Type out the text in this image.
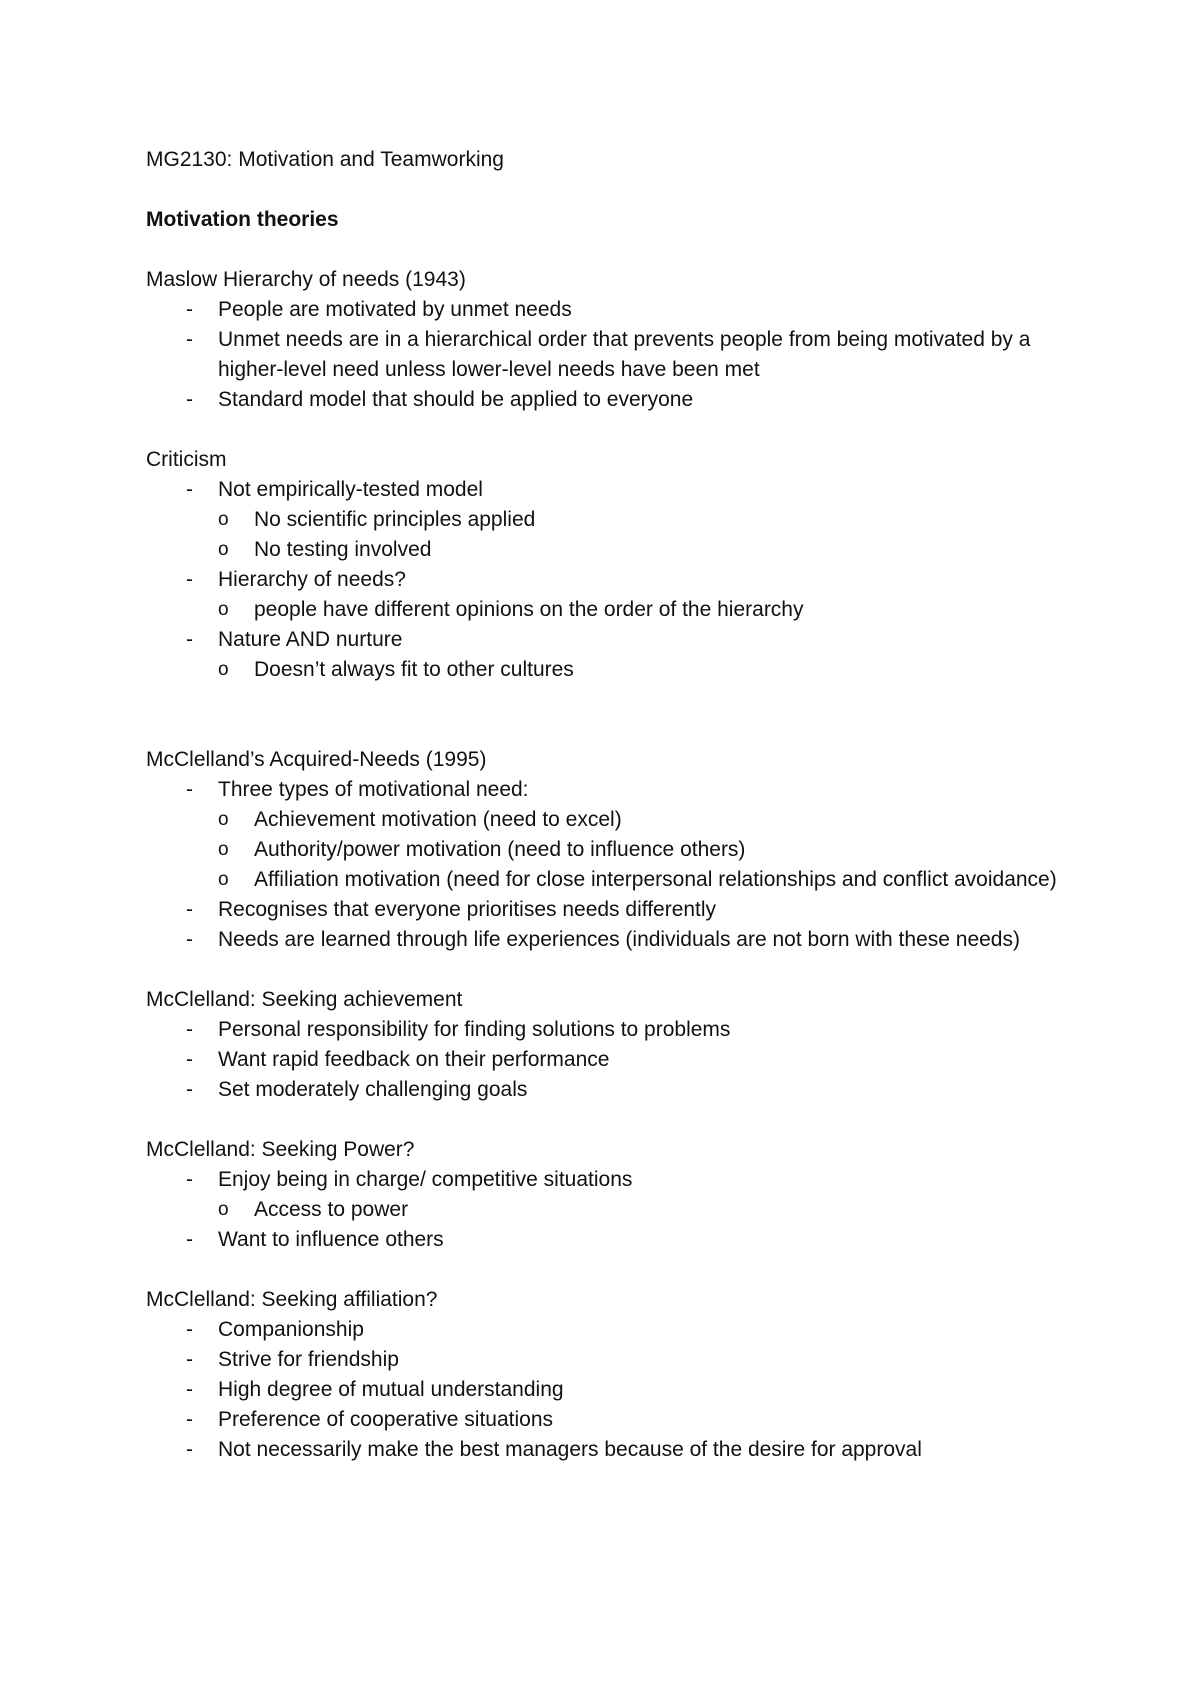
MG2130: Motivation and Teamworking

Motivation theories

Maslow Hierarchy of needs (1943)

- People are motivated by unmet needs
- Unmet needs are in a hierarchical order that prevents people from being motivated by a higher-level need unless lower-level needs have been met
- Standard model that should be applied to everyone

Criticism

- Not empirically-tested model
o No scientific principles applied
o No testing involved
- Hierarchy of needs?
o people have different opinions on the order of the hierarchy
- Nature AND nurture
o Doesn’t always fit to other cultures

McClelland’s Acquired-Needs (1995)

- Three types of motivational need:
o Achievement motivation (need to excel)
o Authority/power motivation (need to influence others)
o Affiliation motivation (need for close interpersonal relationships and conflict avoidance)
- Recognises that everyone prioritises needs differently
- Needs are learned through life experiences (individuals are not born with these needs)

McClelland: Seeking achievement

- Personal responsibility for finding solutions to problems
- Want rapid feedback on their performance
- Set moderately challenging goals

McClelland: Seeking Power?

- Enjoy being in charge/ competitive situations
o Access to power
- Want to influence others

McClelland: Seeking affiliation?

- Companionship
- Strive for friendship
- High degree of mutual understanding
- Preference of cooperative situations
- Not necessarily make the best managers because of the desire for approval
